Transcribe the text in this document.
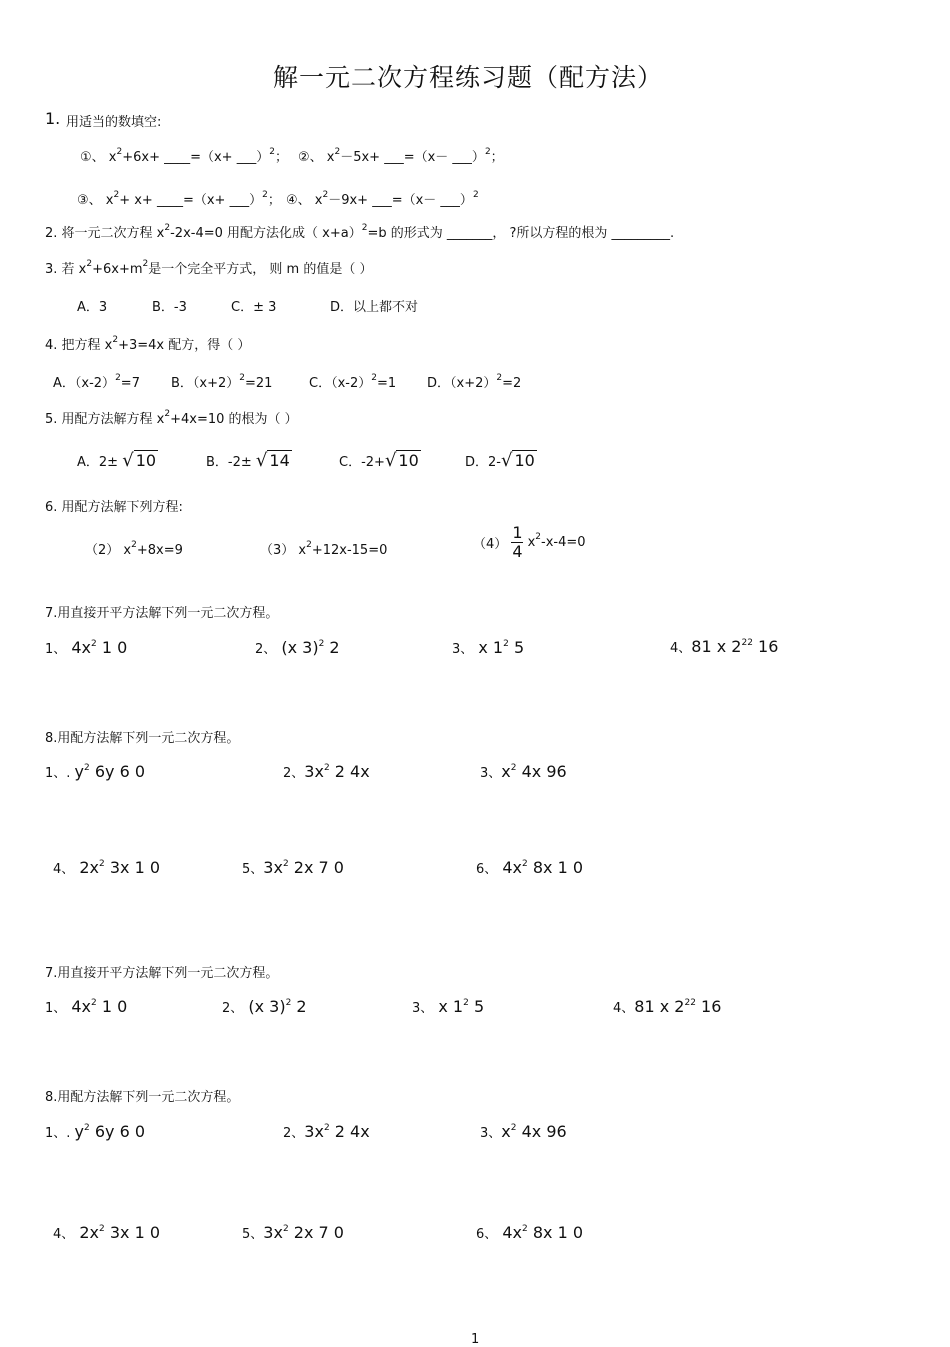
解一元二次方程练习题（配方法）
1. 用适当的数填空:
①、 $x^2+6x+$ ____=（x+ ___）$^2$； ②、 $x^2-5x+$ ___=（x－ ___）$^2$；
③、 $x^2+ x+$ ____=（x+ ___）$^2$； ④、 $x^2-9x+$ ___=（x－ ___）$^2$
2. 将一元二次方程 $x^2-2x-4=0$ 用配方法化成（ x+a）$^2$=b 的形式为 _______， ?所以方程的根为 _________.
3. 若 $x^2+6x+m^2$是一个完全平方式， 则 m 的值是（ ）
A．3	B．-3	C．± 3	D．以上都不对
4. 把方程 $x^2+3=4x$ 配方，得（ ）
A．$(x-2)^2=7$ B．$(x+2)^2=21$	C．$(x-2)^2=1$ D．$(x+2)^2=2$
5. 用配方法解方程 $x^2+4x=10$ 的根为（ ）
A．2± √ 10	B．-2± √ 14	C．-2+√ 10	D．2-√ 10
6. 用配方法解下列方程:
（2） $x^2+8x=9$	（3） $x^2+12x-15=0$	$(4) \frac{1}{4} x^2-x-4=0$
7.用直接开平方法解下列一元二次方程。
1、 $4x^2$ 1 0	2、 (x 3)$^2$ 2	3、 x $1^2$ 5	4、81 x $2^{22}$ 16
8.用配方法解下列一元二次方程。
1、. $y^2$ 6y 6 0	2、$3x^2$ 2 4x	3、$x^2$ 4x 96
4、 $2x^2$ 3x 1 0	5、$3x^2$ 2x 7 0	6、 $4x^2$ 8x 1 0
7.用直接开平方法解下列一元二次方程。
1、 $4x^2$ 1 0	2、 (x 3)$^2$ 2	3、 x $1^2$ 5	4、81 x $2^{22}$ 16
8.用配方法解下列一元二次方程。
1、. $y^2$ 6y 6 0	2、$3x^2$ 2 4x	3、$x^2$ 4x 96
4、 $2x^2$ 3x 1 0	5、$3x^2$ 2x 7 0	6、 $4x^2$ 8x 1 0
1
